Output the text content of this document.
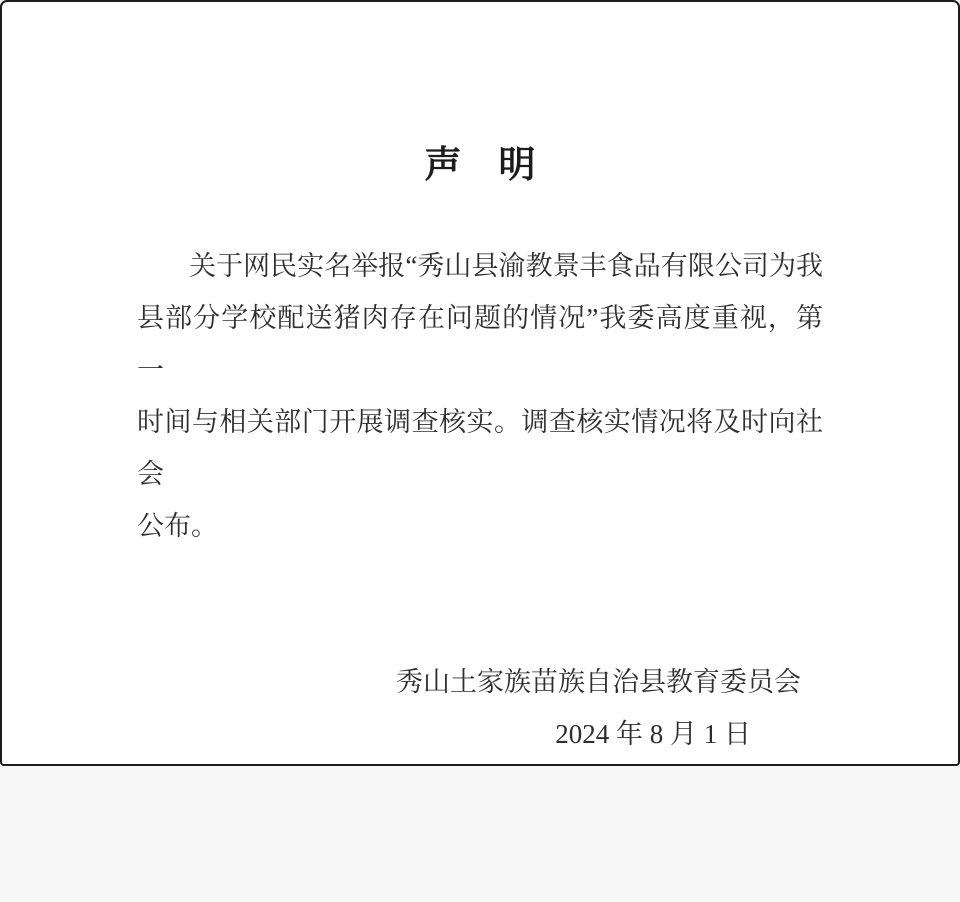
声　明
关于网民实名举报“秀山县渝教景丰食品有限公司为我
县部分学校配送猪肉存在问题的情况”我委高度重视，第一
时间与相关部门开展调查核实。调查核实情况将及时向社会
公布。
秀山土家族苗族自治县教育委员会
2024 年 8 月 1 日
